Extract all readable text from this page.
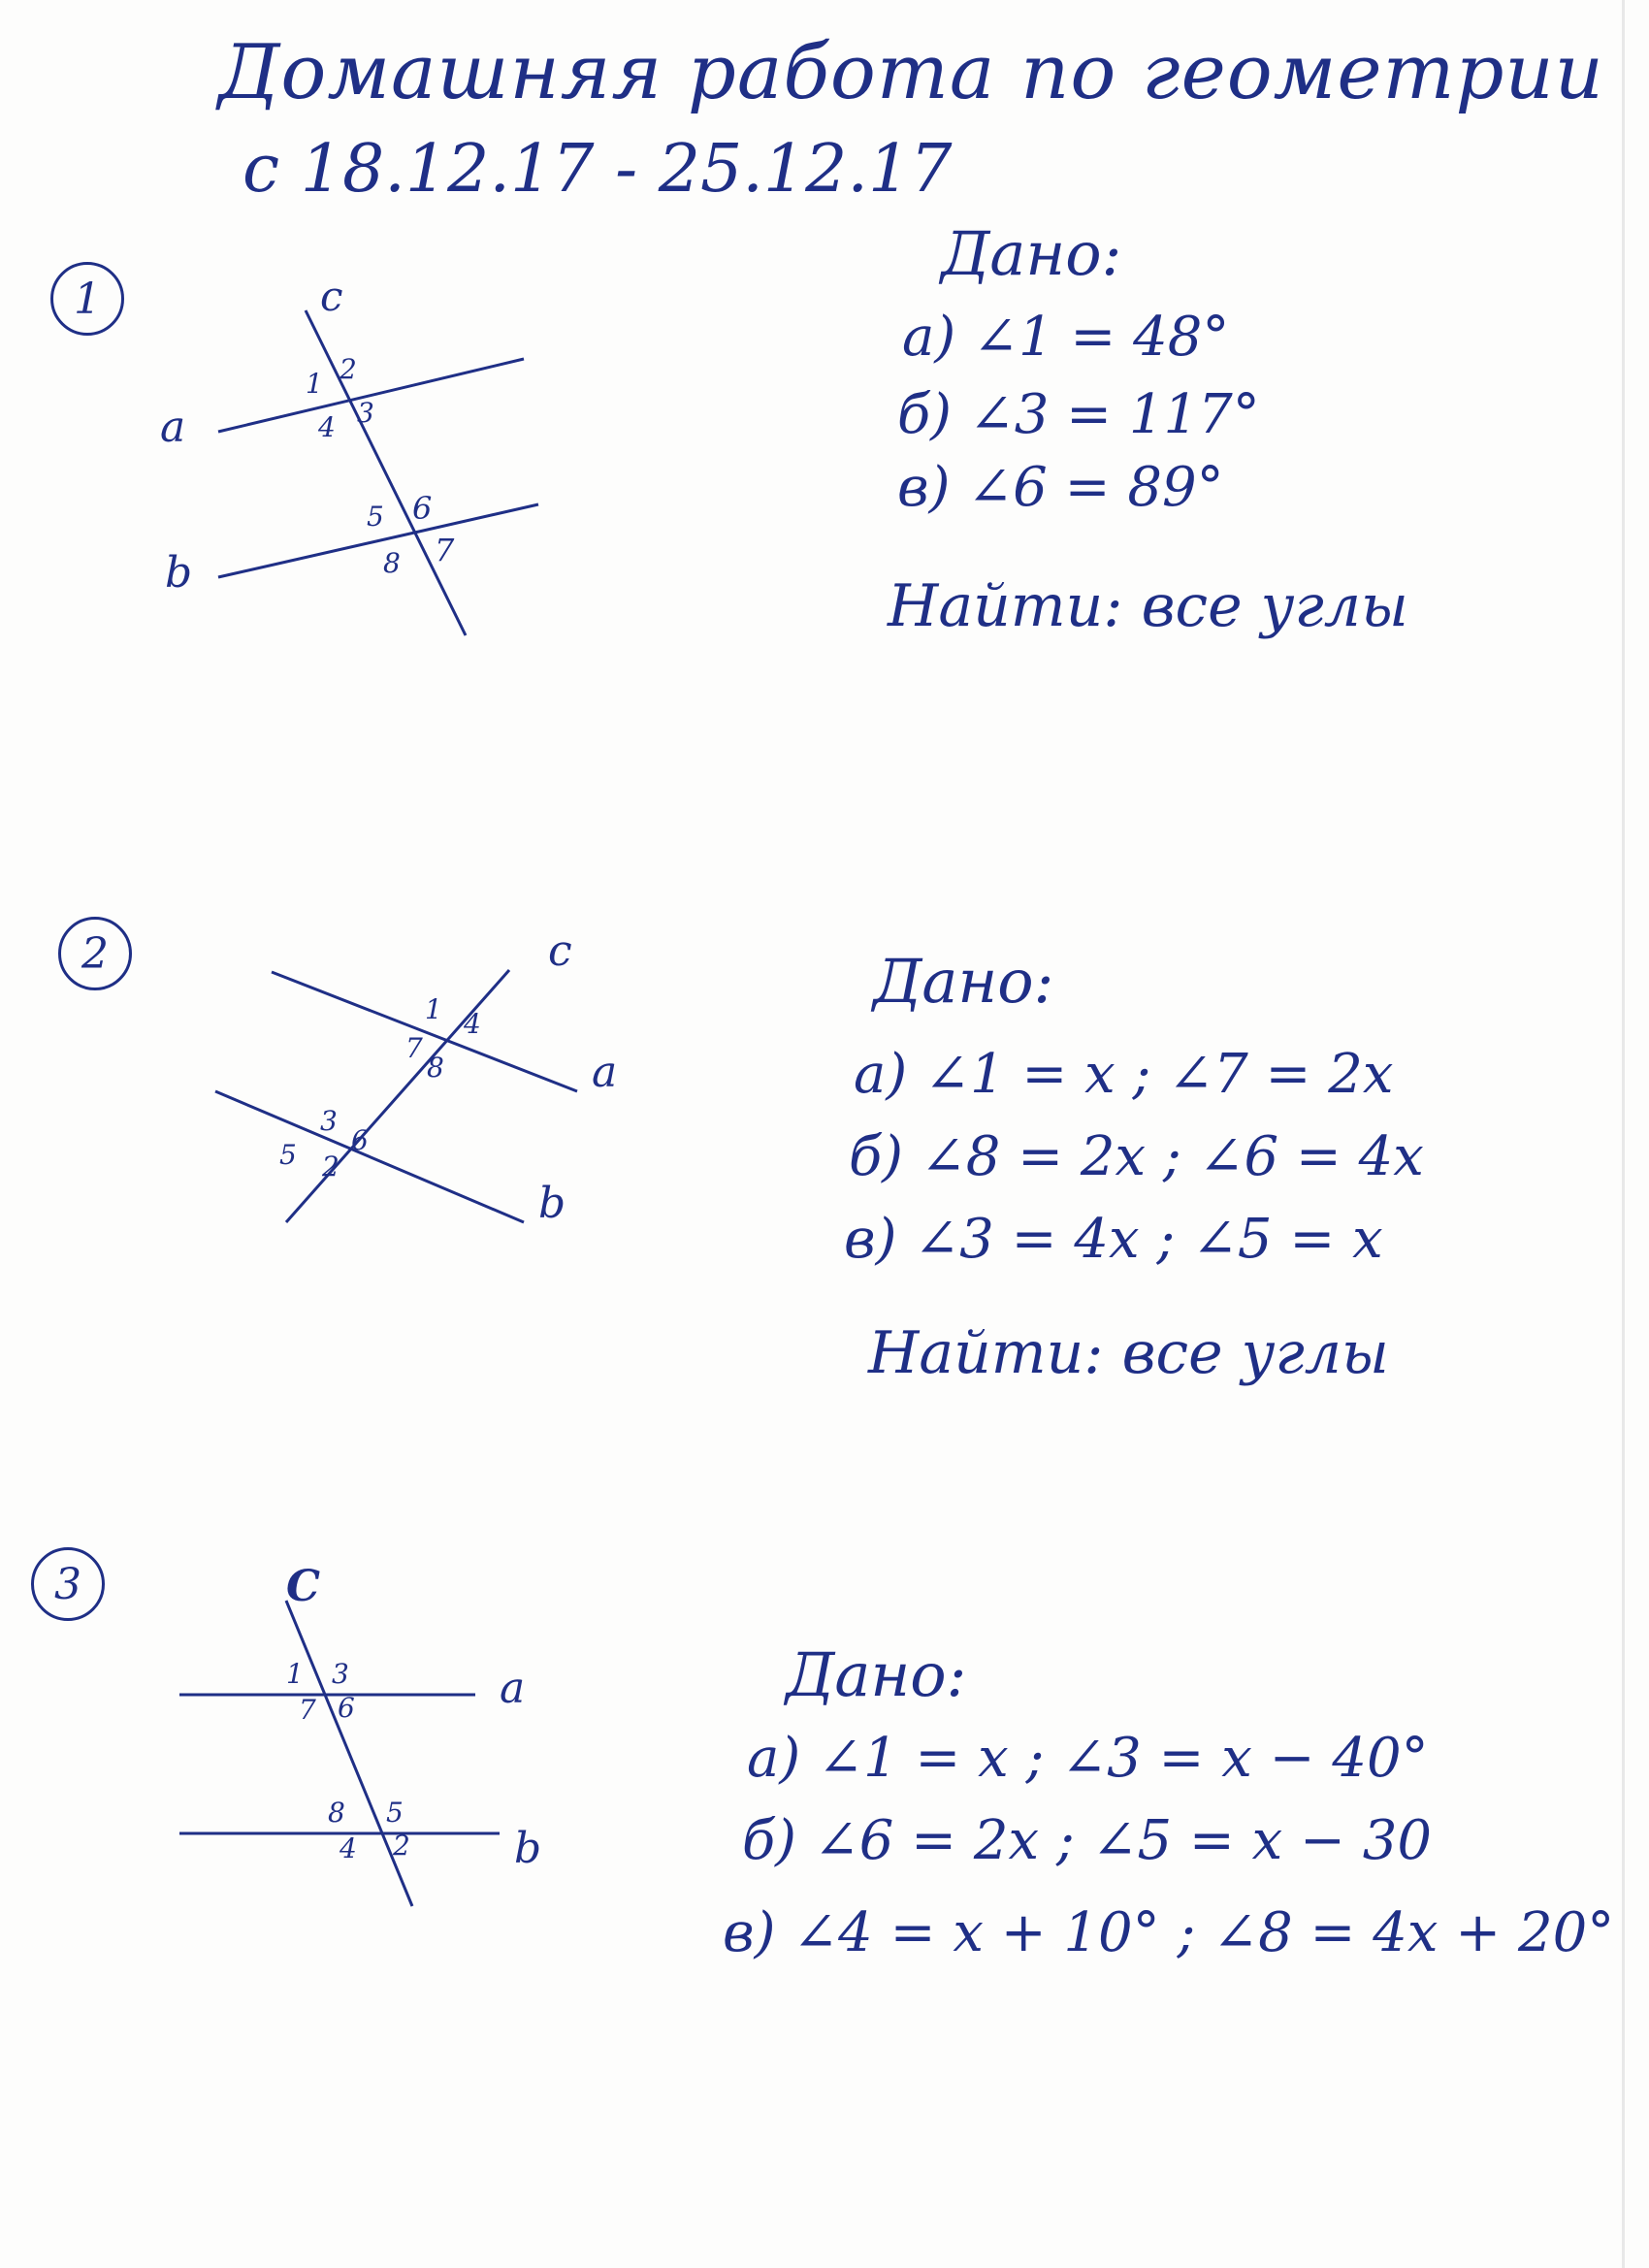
Домашняя работа по геометрии
с 18.12.17 - 25.12.17
1	c
a
b
1 2
3
4
5 6
7
8
Дано:
а) ∠1 = 48°
б) ∠3 = 117°
в) ∠6 = 89°
Найти: все углы
2	c
a
b
1 4
7
8
3
6
5 2
Дано:
а) ∠1 = x ; ∠7 = 2x
б) ∠8 = 2x ; ∠6 = 4x
в) ∠3 = 4x ; ∠5 = x
Найти: все углы
3	C
a
b
1 3
7 6
8 5
4 2
Дано:
а) ∠1 = x ; ∠3 = x − 40°
б) ∠6 = 2x ; ∠5 = x − 30
в) ∠4 = x + 10° ; ∠8 = 4x + 20°
